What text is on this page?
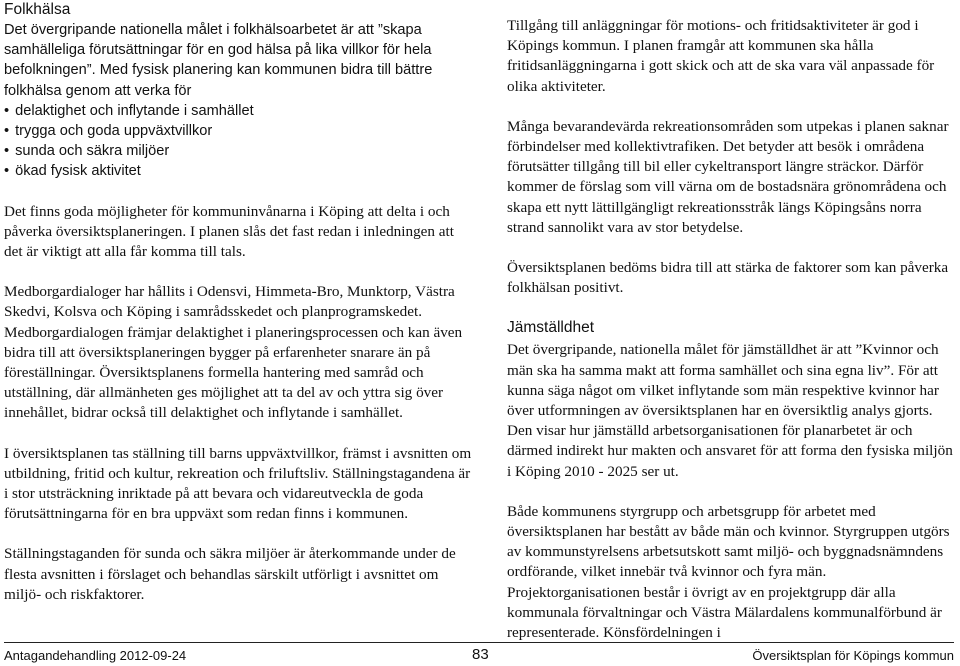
Folkhälsa

Det övergripande nationella målet i folkhälsoarbetet är att ”skapa samhälleliga förutsättningar för en god hälsa på lika villkor för hela befolkningen”. Med fysisk planering kan kommunen bidra till bättre folkhälsa genom att verka för

• delaktighet och inflytande i samhället
• trygga och goda uppväxtvillkor
• sunda och säkra miljöer
• ökad fysisk aktivitet

Det finns goda möjligheter för kommuninvånarna i Köping att delta i och påverka översiktsplaneringen. I planen slås det fast redan i inledningen att det är viktigt att alla får komma till tals.

Medborgardialoger har hållits i Odensvi, Himmeta-Bro, Munktorp, Västra Skedvi, Kolsva och Köping i samrådsskedet och planprogramskedet. Medborgardialogen främjar delaktighet i planeringsprocessen och kan även bidra till att översiktsplaneringen bygger på erfarenheter snarare än på föreställningar. Översiktsplanens formella hantering med samråd och utställning, där allmänheten ges möjlighet att ta del av och yttra sig över innehållet, bidrar också till delaktighet och inflytande i samhället.

I översiktsplanen tas ställning till barns uppväxtvillkor, främst i avsnitten om utbildning, fritid och kultur, rekreation och friluftsliv. Ställningstagandena är i stor utsträckning inriktade på att bevara och vidareutveckla de goda förutsättningarna för en bra uppväxt som redan finns i kommunen.

Ställningstaganden för sunda och säkra miljöer är återkommande under de flesta avsnitten i förslaget och behandlas särskilt utförligt i avsnittet om miljö- och riskfaktorer.

Tillgång till anläggningar för motions- och fritidsaktiviteter är god i Köpings kommun. I planen framgår att kommunen ska hålla fritidsanläggningarna i gott skick och att de ska vara väl anpassade för olika aktiviteter.

Många bevarandevärda rekreationsområden som utpekas i planen saknar förbindelser med kollektivtrafiken. Det betyder att besök i områdena förutsätter tillgång till bil eller cykeltransport längre sträckor. Därför kommer de förslag som vill värna om de bostadsnära grönområdena och skapa ett nytt lättillgängligt rekreationsstråk längs Köpingsåns norra strand sannolikt vara av stor betydelse.

Översiktsplanen bedöms bidra till att stärka de faktorer som kan påverka folkhälsan positivt.

Jämställdhet

Det övergripande, nationella målet för jämställdhet är att ”Kvinnor och män ska ha samma makt att forma samhället och sina egna liv”. För att kunna säga något om vilket inflytande som män respektive kvinnor har över utformningen av översiktsplanen har en översiktlig analys gjorts. Den visar hur jämställd arbetsorganisationen för planarbetet är och därmed indirekt hur makten och ansvaret för att forma den fysiska miljön i Köping 2010 - 2025 ser ut.

Både kommunens styrgrupp och arbetsgrupp för arbetet med översiktsplanen har bestått av både män och kvinnor. Styrgruppen utgörs av kommunstyrelsens arbetsutskott samt miljö- och byggnadsnämndens ordförande, vilket innebär två kvinnor och fyra män. Projektorganisationen består i övrigt av en projektgrupp där alla kommunala förvaltningar och Västra Mälardalens kommunalförbund är representerade. Könsfördelningen i

Antagandehandling 2012-09-24	83	Översiktsplan för Köpings kommun
